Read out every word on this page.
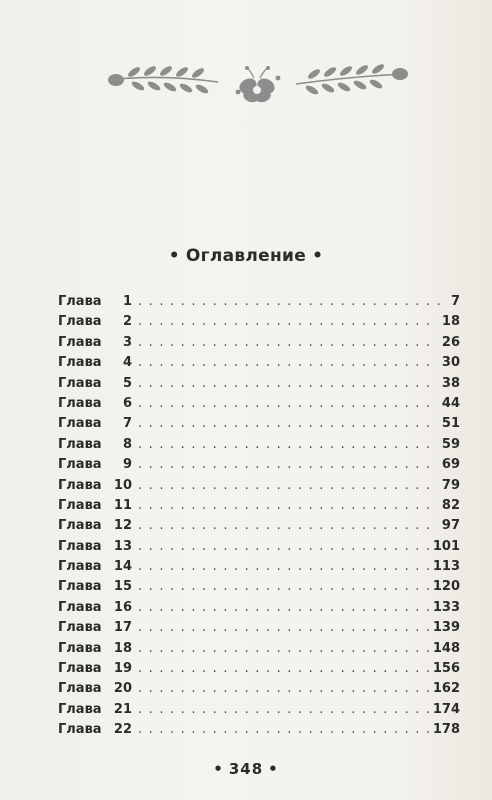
• Оглавление •
Глава	1 . . .	7
Глава	2 . . .	18
Глава	3 . . .	26
Глава	4 . . .	30
Глава	5 . . .	38
Глава	6 . . .	44
Глава	7 . . .	51
Глава	8 . . .	59
Глава	9 . . .	69
Глава 10 . . .	79
Глава 11 . . .	82
Глава 12 . . .	97
Глава 13 . . .	101
Глава 14 . . .	113
Глава 15 . . .	120
Глава 16 . . .	133
Глава 17 . . .	139
Глава 18 . . .	148
Глава 19 . . .	156
Глава 20 . . .	162
Глава 21 . . .	174
Глава 22 . . .	178
• 348 •
